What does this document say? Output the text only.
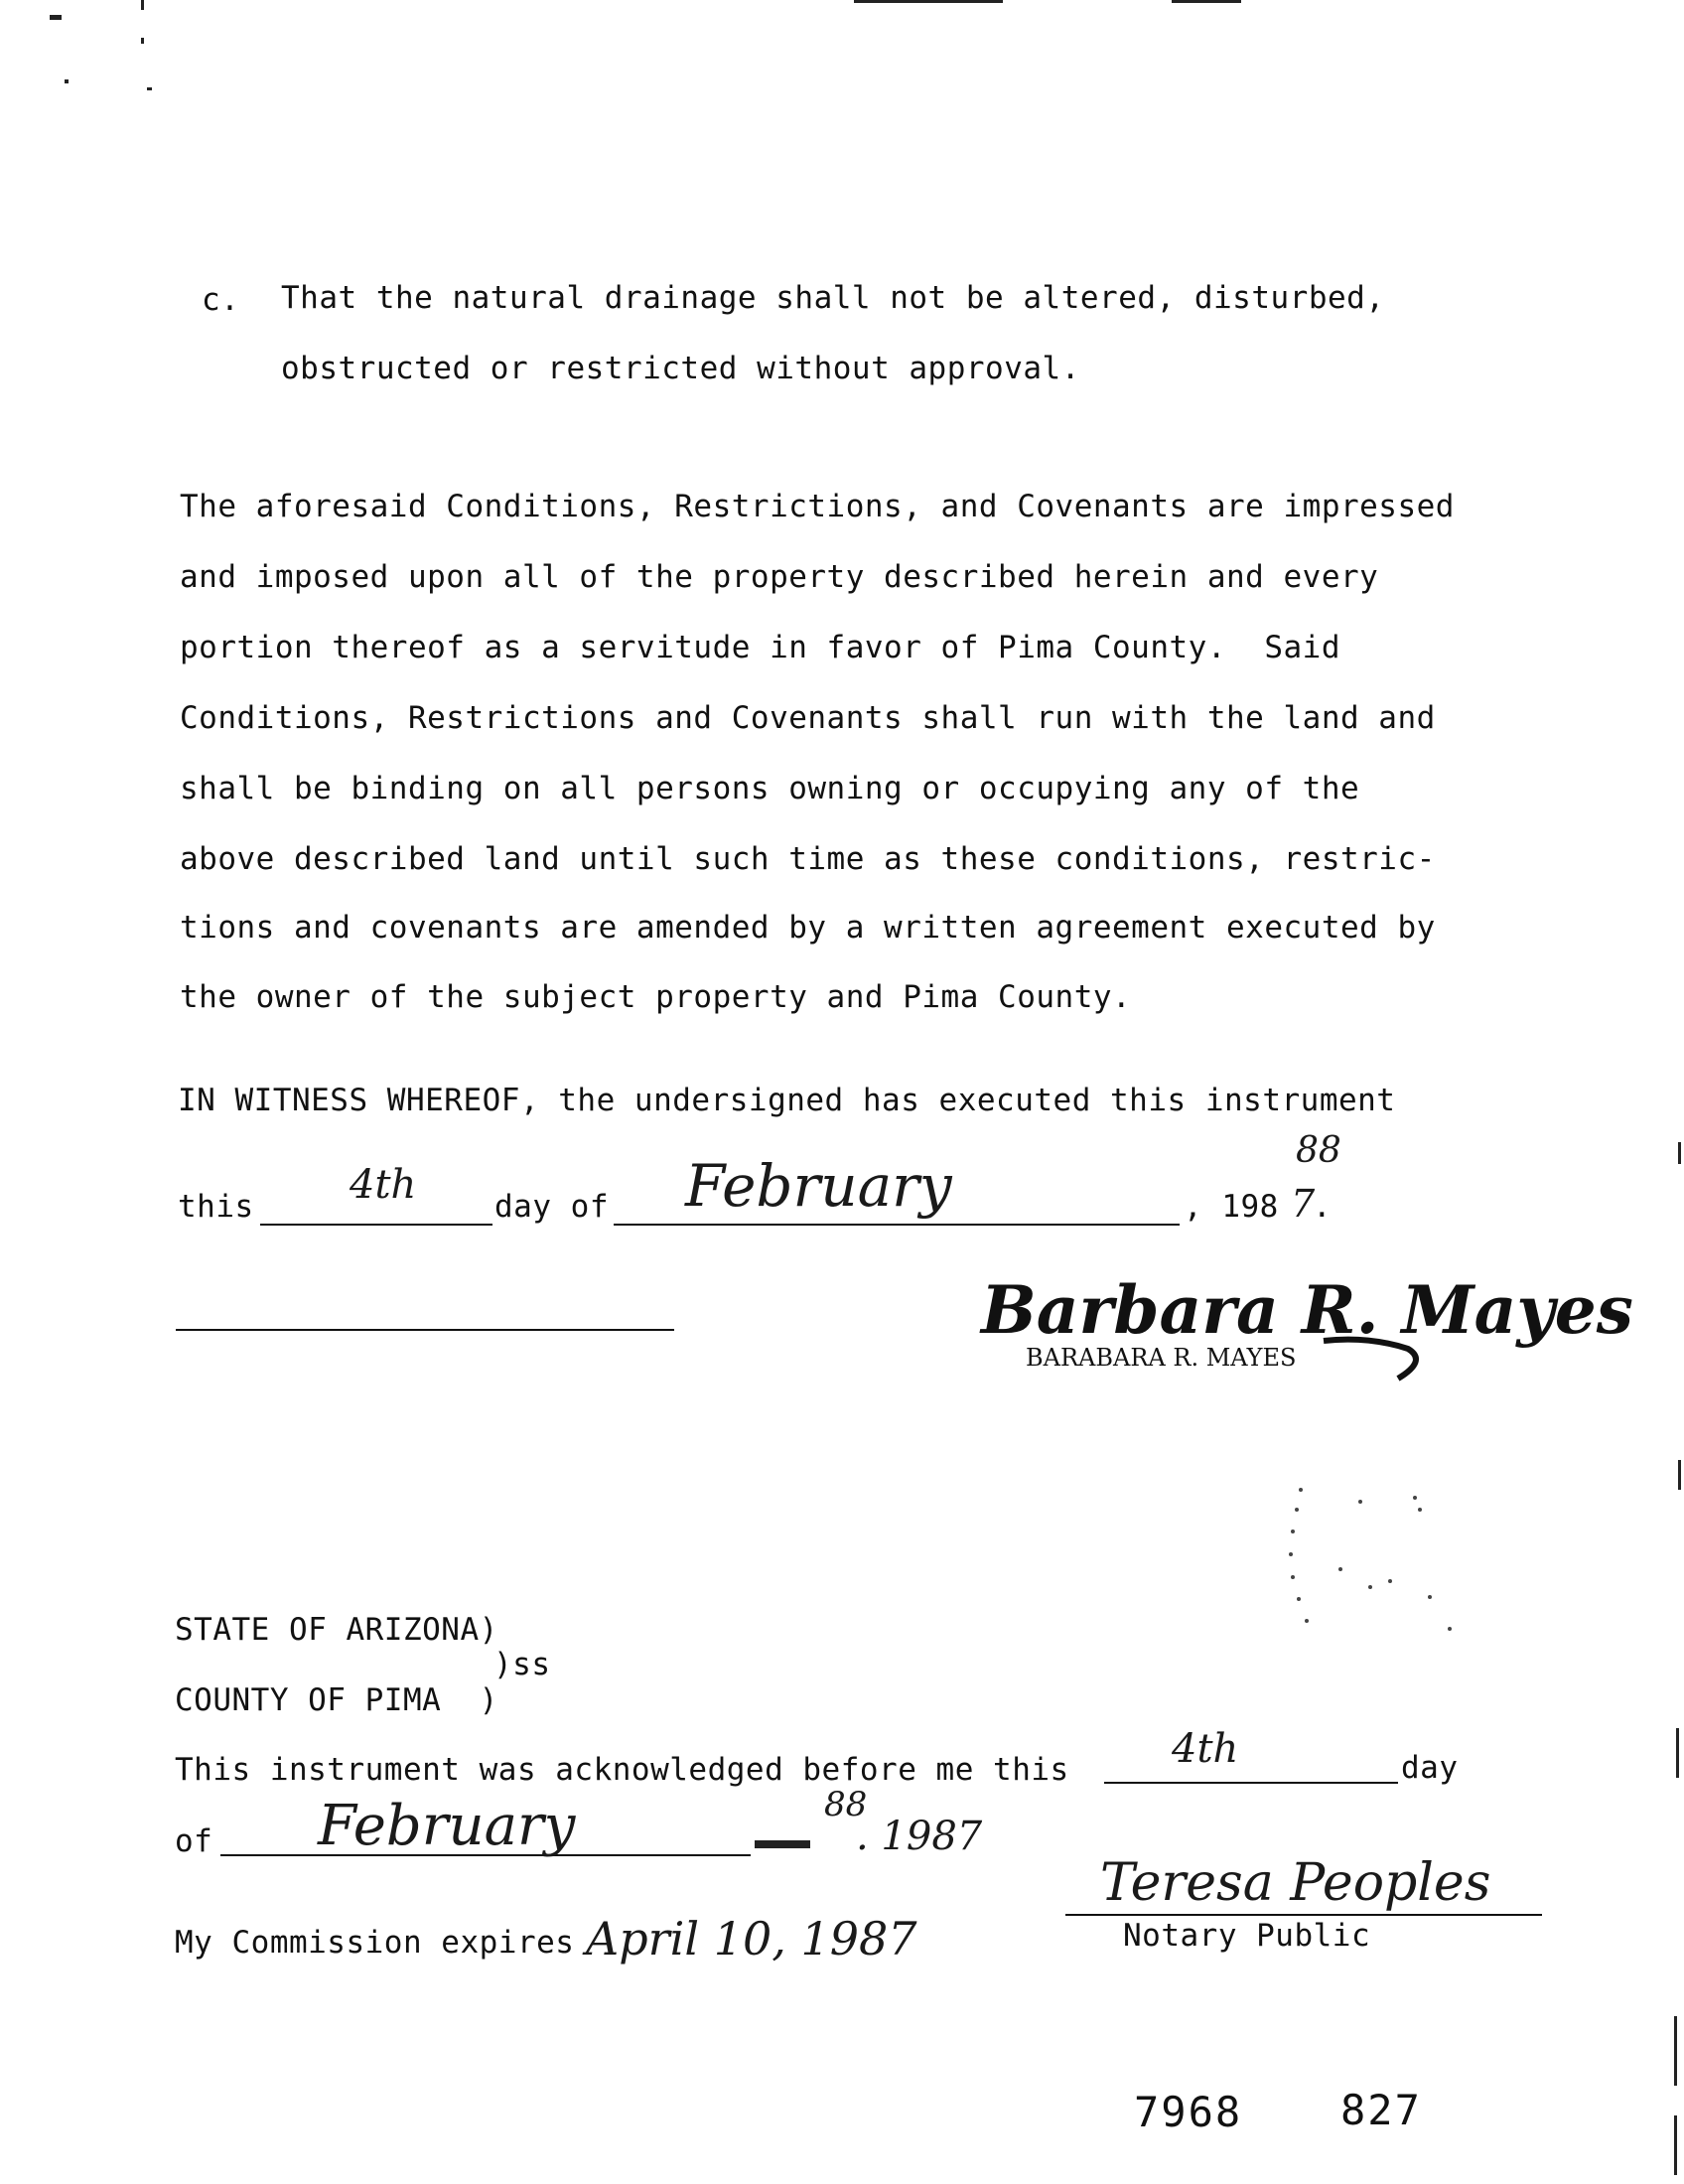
c. That the natural drainage shall not be altered, disturbed,
obstructed or restricted without approval.
The aforesaid Conditions, Restrictions, and Covenants are impressed
and imposed upon all of the property described herein and every
portion thereof as a servitude in favor of Pima County.  Said
Conditions, Restrictions and Covenants shall run with the land and
shall be binding on all persons owning or occupying any of the
above described land until such time as these conditions, restric-
tions and covenants are amended by a written agreement executed by
the owner of the subject property and Pima County.
IN WITNESS WHEREOF, the undersigned has executed this instrument
this 4th	day of February	, 198 7
88
.
Barbara R. Mayes
BARABARA R. MAYES
STATE OF ARIZONA)
)ss
COUNTY OF PIMA  )
This instrument was acknowledged before me this	4th	day
of February	88
. 1987
Teresa Peoples
Notary Public
My Commission expires April 10, 1987
7968 827
